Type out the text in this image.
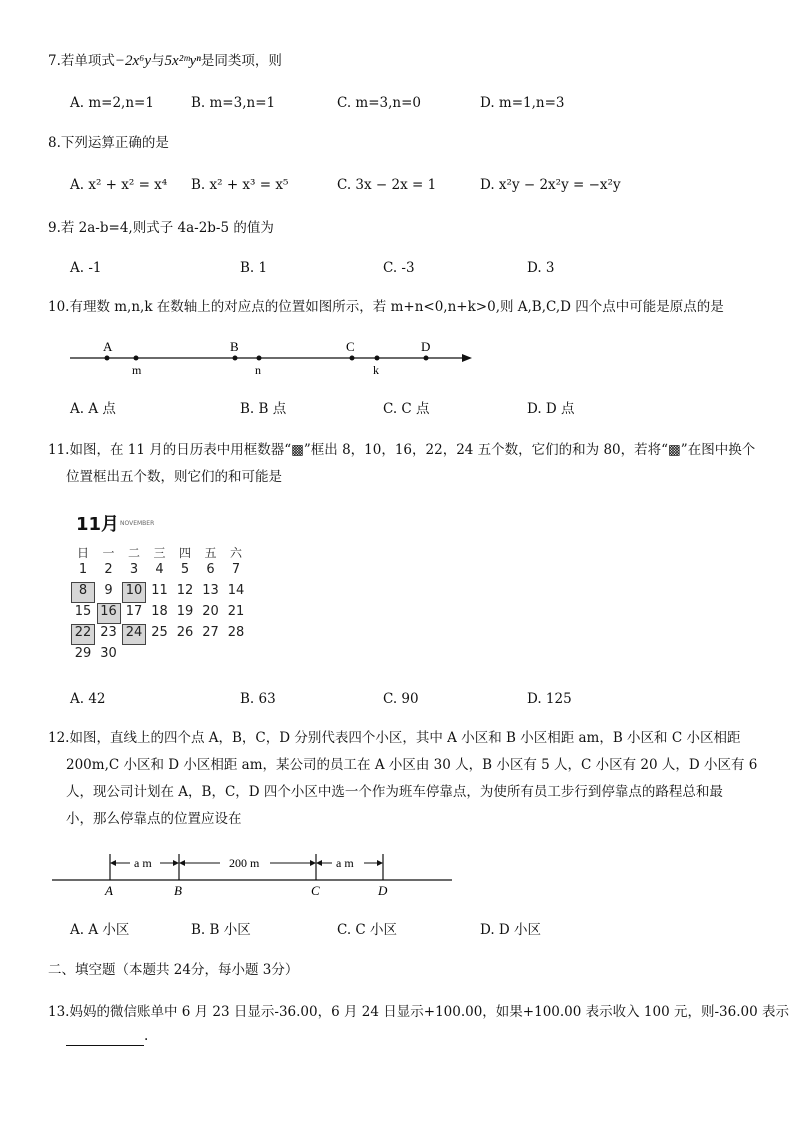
7.若单项式−2x⁶y与5x²ᵐyⁿ是同类项，则
A. m=2,n=1	B. m=3,n=1	C. m=3,n=0	D. m=1,n=3
8.下列运算正确的是
A. x² + x² = x⁴ B. x² + x³ = x⁵	C. 3x − 2x = 1	D. x²y − 2x²y = −x²y
9.若 2a-b=4,则式子 4a-2b-5 的值为
A. -1	B. 1	C. -3	D. 3
10.有理数 m,n,k 在数轴上的对应点的位置如图所示，若 m+n<0,n+k>0,则 A,B,C,D 四个点中可能是原点的是
A	B	C	D
m	n	k
A. A 点	B. B 点	C. C 点	D. D 点
11.如图，在 11 月的日历表中用框数器“▩”框出 8，10，16，22，24 五个数，它们的和为 80，若将“▩”在图中换个
位置框出五个数，则它们的和可能是
11月 NOVEMBER
日	一	二	三	四	五	六
1	2	3	4	5	6	7
8	9	10 11 12 13 14
15 16 17 18 19 20 21
22 23 24 25 26 27 28
29 30
A. 42	B. 63	C. 90	D. 125
12.如图，直线上的四个点 A，B，C，D 分别代表四个小区，其中 A 小区和 B 小区相距 am，B 小区和 C 小区相距
200m,C 小区和 D 小区相距 am，某公司的员工在 A 小区由 30 人，B 小区有 5 人，C 小区有 20 人，D 小区有 6
人，现公司计划在 A，B，C，D 四个小区中选一个作为班车停靠点，为使所有员工步行到停靠点的路程总和最
小，那么停靠点的位置应设在
a m	200 m	a m
A	B	C	D
A. A 小区	B. B 小区	C. C 小区	D. D 小区
二、填空题（本题共 24分，每小题 3分）
13.妈妈的微信账单中 6 月 23 日显示-36.00，6 月 24 日显示+100.00，如果+100.00 表示收入 100 元，则-36.00 表示
.
